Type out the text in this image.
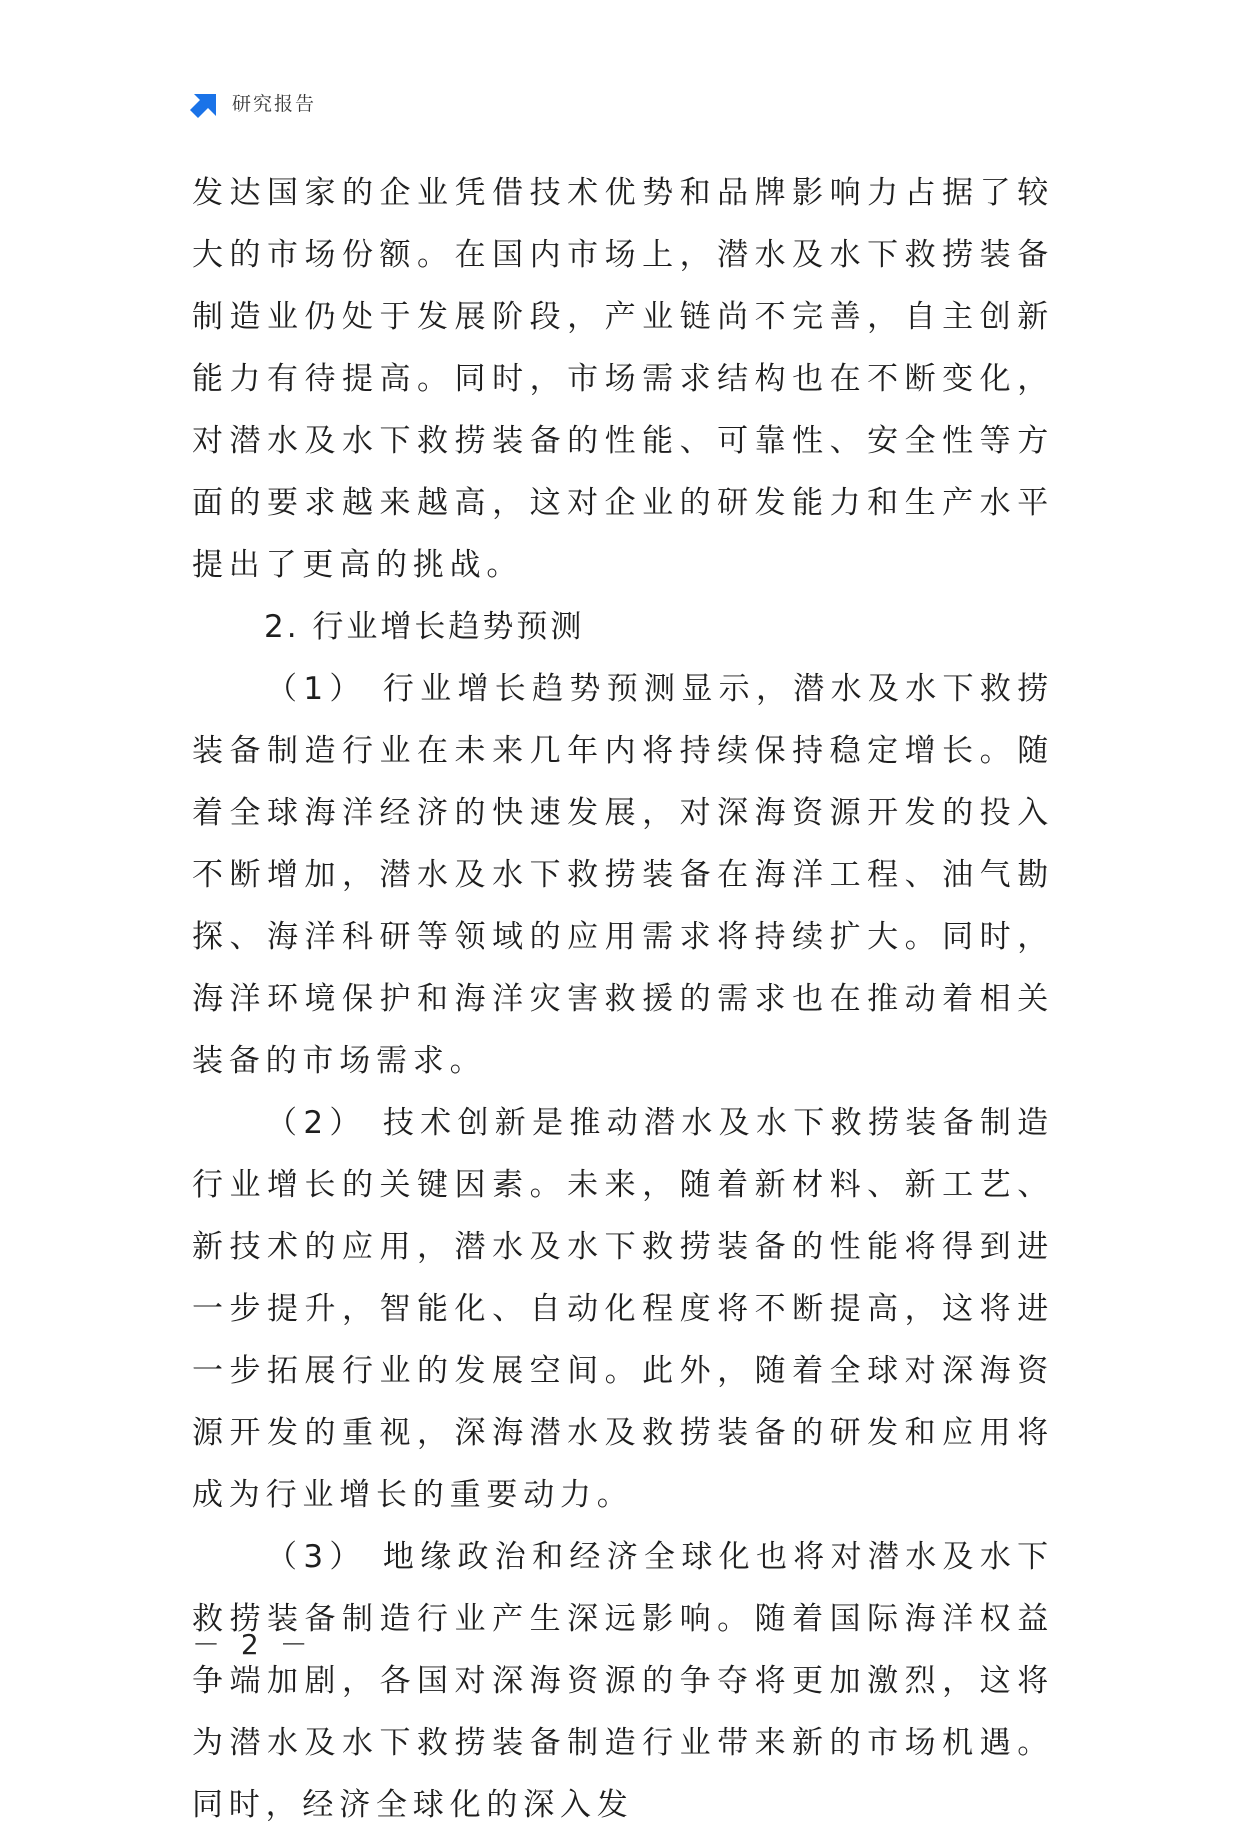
研究报告

发达国家的企业凭借技术优势和品牌影响力占据了较大的市场份额。在国内市场上，潜水及水下救捞装备制造业仍处于发展阶段，产业链尚不完善，自主创新能力有待提高。同时，市场需求结构也在不断变化，对潜水及水下救捞装备的性能、可靠性、安全性等方面的要求越来越高，这对企业的研发能力和生产水平提出了更高的挑战。

2. 行业增长趋势预测

（1） 行业增长趋势预测显示，潜水及水下救捞装备制造行业在未来几年内将持续保持稳定增长。随着全球海洋经济的快速发展，对深海资源开发的投入不断增加，潜水及水下救捞装备在海洋工程、油气勘探、海洋科研等领域的应用需求将持续扩大。同时，海洋环境保护和海洋灾害救援的需求也在推动着相关装备的市场需求。

（2） 技术创新是推动潜水及水下救捞装备制造行业增长的关键因素。未来，随着新材料、新工艺、新技术的应用，潜水及水下救捞装备的性能将得到进一步提升，智能化、自动化程度将不断提高，这将进一步拓展行业的发展空间。此外，随着全球对深海资源开发的重视，深海潜水及救捞装备的研发和应用将成为行业增长的重要动力。

（3） 地缘政治和经济全球化也将对潜水及水下救捞装备制造行业产生深远影响。随着国际海洋权益争端加剧，各国对深海资源的争夺将更加激烈，这将为潜水及水下救捞装备制造行业带来新的市场机遇。同时，经济全球化的深入发

－ 2 －
